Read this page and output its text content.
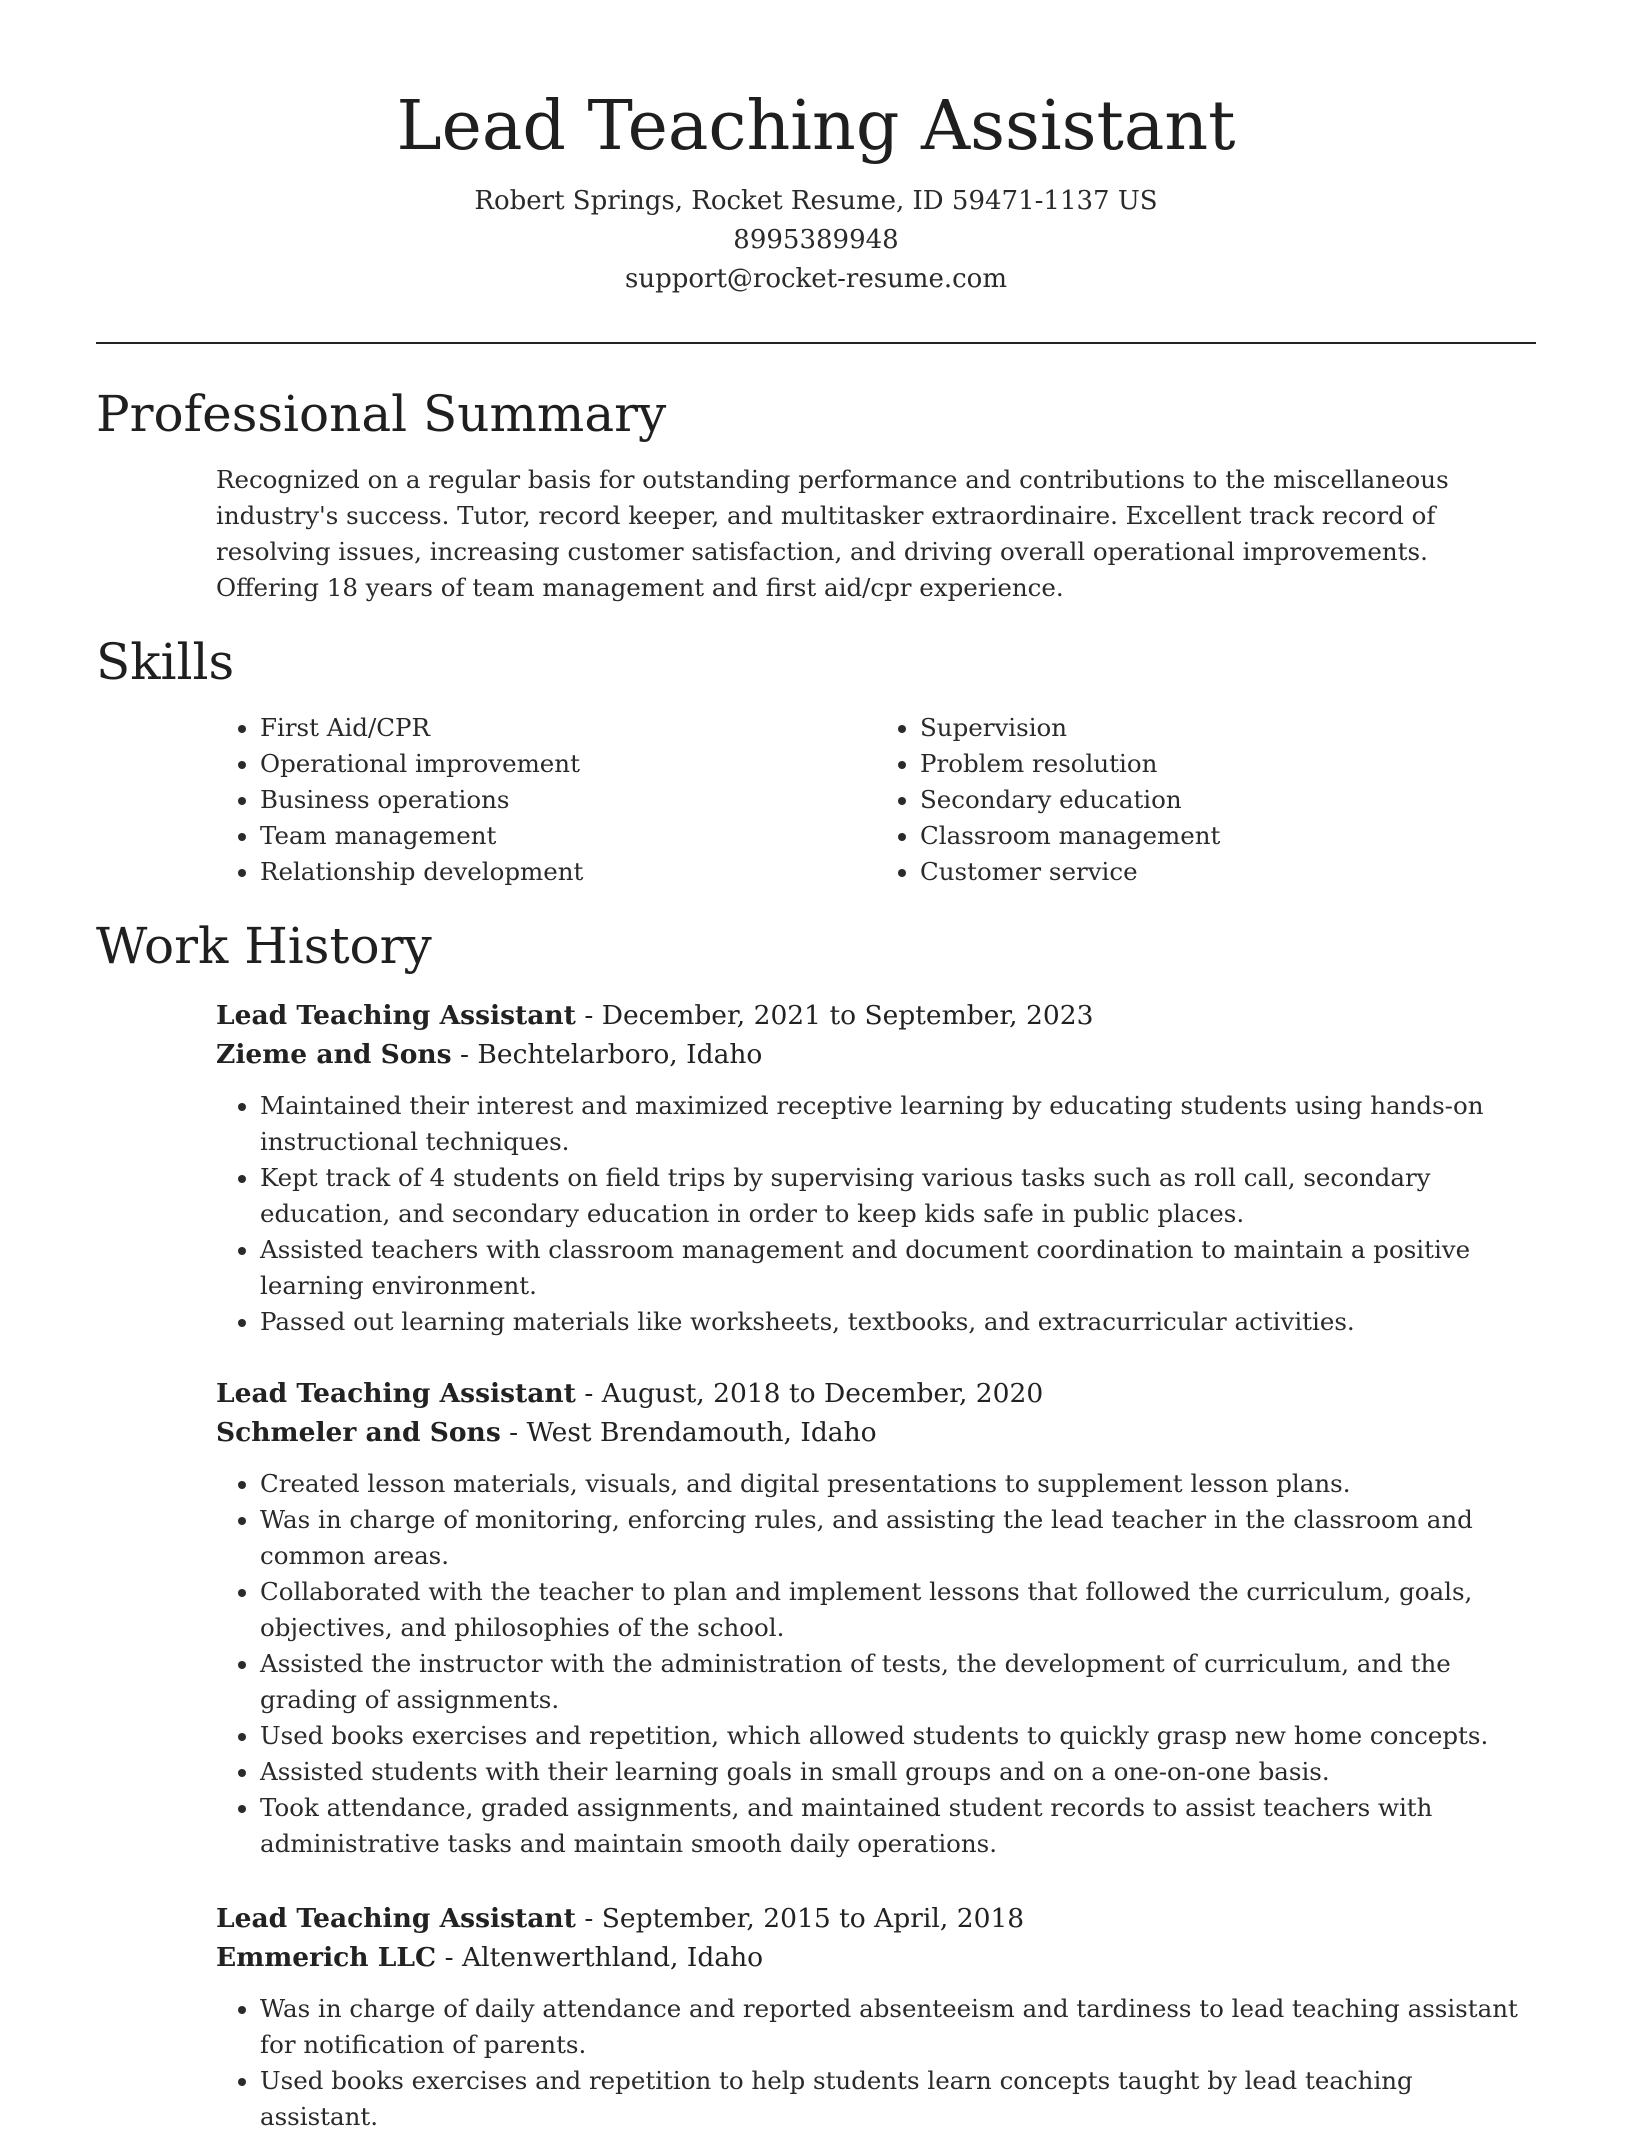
Lead Teaching Assistant
Robert Springs, Rocket Resume, ID 59471-1137 US
8995389948
support@rocket-resume.com
Professional Summary

Recognized on a regular basis for outstanding performance and contributions to the miscellaneous industry's success. Tutor, record keeper, and multitasker extraordinaire. Excellent track record of resolving issues, increasing customer satisfaction, and driving overall operational improvements. Offering 18 years of team management and first aid/cpr experience.

Skills
• First Aid/CPR
• Operational improvement
• Business operations
• Team management
• Relationship development
• Supervision
• Problem resolution
• Secondary education
• Classroom management
• Customer service
Work History
Lead Teaching Assistant - December, 2021 to September, 2023
Zieme and Sons - Bechtelarboro, Idaho
• Maintained their interest and maximized receptive learning by educating students using hands-on instructional techniques.
• Kept track of 4 students on field trips by supervising various tasks such as roll call, secondary education, and secondary education in order to keep kids safe in public places.
• Assisted teachers with classroom management and document coordination to maintain a positive learning environment.
• Passed out learning materials like worksheets, textbooks, and extracurricular activities.
Lead Teaching Assistant - August, 2018 to December, 2020
Schmeler and Sons - West Brendamouth, Idaho
• Created lesson materials, visuals, and digital presentations to supplement lesson plans.
• Was in charge of monitoring, enforcing rules, and assisting the lead teacher in the classroom and common areas.
• Collaborated with the teacher to plan and implement lessons that followed the curriculum, goals, objectives, and philosophies of the school.
• Assisted the instructor with the administration of tests, the development of curriculum, and the grading of assignments.
• Used books exercises and repetition, which allowed students to quickly grasp new home concepts.
• Assisted students with their learning goals in small groups and on a one-on-one basis.
• Took attendance, graded assignments, and maintained student records to assist teachers with administrative tasks and maintain smooth daily operations.
Lead Teaching Assistant - September, 2015 to April, 2018
Emmerich LLC - Altenwerthland, Idaho
• Was in charge of daily attendance and reported absenteeism and tardiness to lead teaching assistant for notification of parents.
• Used books exercises and repetition to help students learn concepts taught by lead teaching assistant.
